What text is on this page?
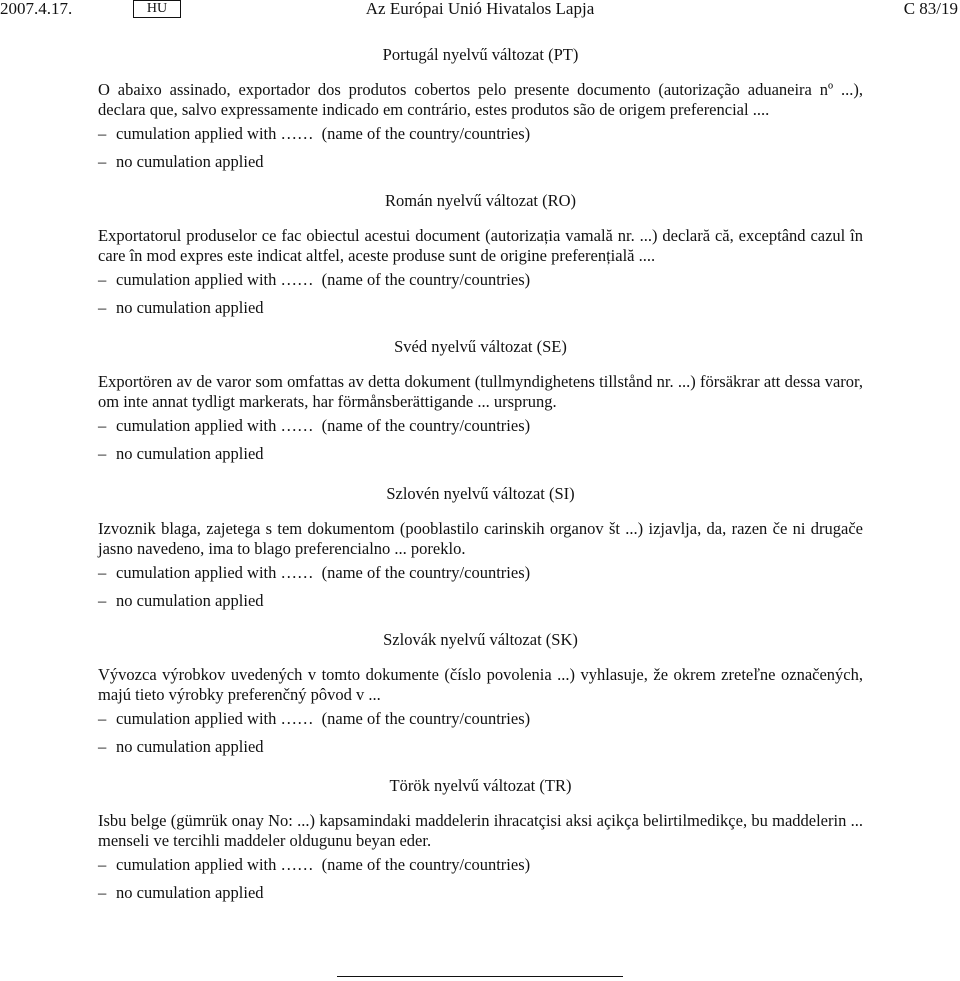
2007.4.17.	HU	Az Európai Unió Hivatalos Lapja	C 83/19

Portugál nyelvű változat (PT)

O abaixo assinado, exportador dos produtos cobertos pelo presente documento (autorização aduaneira nº ...), declara que, salvo expressamente indicado em contrário, estes produtos são de origem preferencial ....

– cumulation applied with …… (name of the country/countries)

– no cumulation applied

Román nyelvű változat (RO)

Exportatorul produselor ce fac obiectul acestui document (autorizația vamală nr. ...) declară că, exceptând cazul în care în mod expres este indicat altfel, aceste produse sunt de origine preferențială ....

– cumulation applied with …… (name of the country/countries)

– no cumulation applied

Svéd nyelvű változat (SE)

Exportören av de varor som omfattas av detta dokument (tullmyndighetens tillstånd nr. ...) försäkrar att dessa varor, om inte annat tydligt markerats, har förmånsberättigande ... ursprung.

– cumulation applied with …… (name of the country/countries)

– no cumulation applied

Szlovén nyelvű változat (SI)

Izvoznik blaga, zajetega s tem dokumentom (pooblastilo carinskih organov št ...) izjavlja, da, razen če ni drugače jasno navedeno, ima to blago preferencialno ... poreklo.

– cumulation applied with …… (name of the country/countries)

– no cumulation applied

Szlovák nyelvű változat (SK)

Vývozca výrobkov uvedených v tomto dokumente (číslo povolenia ...) vyhlasuje, že okrem zreteľne označených, majú tieto výrobky preferenčný pôvod v ...

– cumulation applied with …… (name of the country/countries)

– no cumulation applied

Török nyelvű változat (TR)

Isbu belge (gümrük onay No: ...) kapsamindaki maddelerin ihracatçisi aksi açikça belirtilmedikçe, bu maddelerin ... menseli ve tercihli maddeler oldugunu beyan eder.

– cumulation applied with …… (name of the country/countries)

– no cumulation applied
